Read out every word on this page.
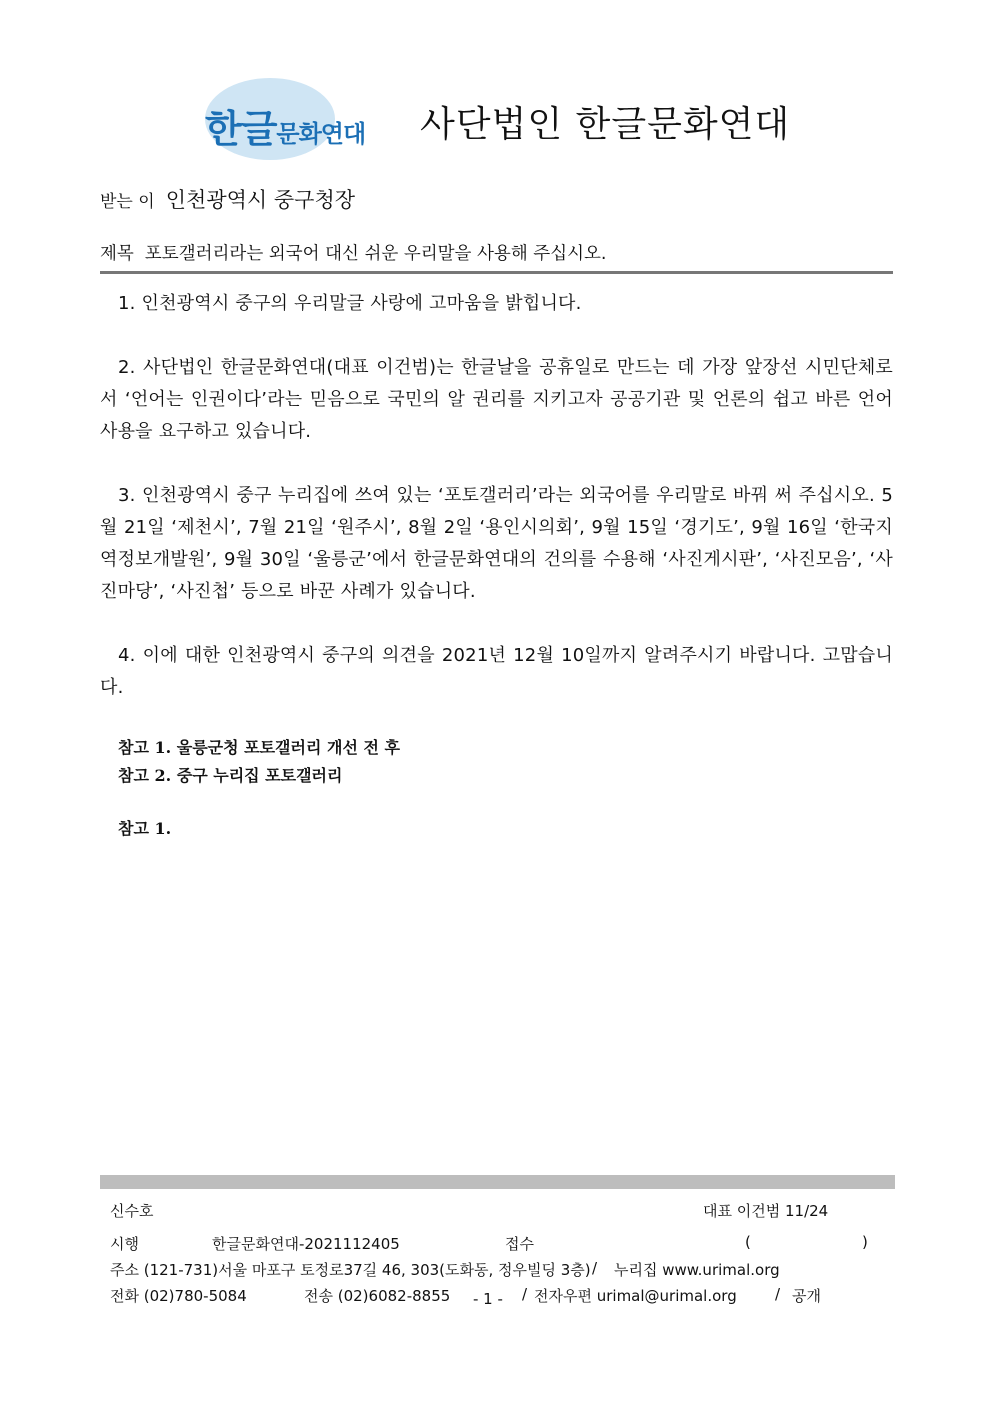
한글문화연대 사단법인 한글문화연대
받는 이 인천광역시 중구청장
제목 포토갤러리라는 외국어 대신 쉬운 우리말을 사용해 주십시오.

1. 인천광역시 중구의 우리말글 사랑에 고마움을 밝힙니다.

2. 사단법인 한글문화연대(대표 이건범)는 한글날을 공휴일로 만드는 데 가장 앞장선 시민단체로서 ‘언어는 인권이다’라는 믿음으로 국민의 알 권리를 지키고자 공공기관 및 언론의 쉽고 바른 언어 사용을 요구하고 있습니다.

3. 인천광역시 중구 누리집에 쓰여 있는 ‘포토갤러리’라는 외국어를 우리말로 바꿔 써 주십시오. 5월 21일 ‘제천시’, 7월 21일 ‘원주시’, 8월 2일 ‘용인시의회’, 9월 15일 ‘경기도’, 9월 16일 ‘한국지역정보개발원’, 9월 30일 ‘울릉군’에서 한글문화연대의 건의를 수용해 ‘사진게시판’, ‘사진모음’, ‘사진마당’, ‘사진첩’ 등으로 바꾼 사례가 있습니다.

4. 이에 대한 인천광역시 중구의 의견을 2021년 12월 10일까지 알려주시기 바랍니다. 고맙습니다.

참고 1. 울릉군청 포토갤러리 개선 전 후
참고 2. 중구 누리집 포토갤러리
참고 1.
신수호	대표 이건범 11/24
시행	한글문화연대-2021112405	접수	(	)
주소 (121-731)서울 마포구 토정로37길 46, 303(도화동, 정우빌딩 3층) / 누리집 www.urimal.org
전화 (02)780-5084	전송 (02)6082-8855 - 1 - / 전자우편 urimal@urimal.org	/ 공개
